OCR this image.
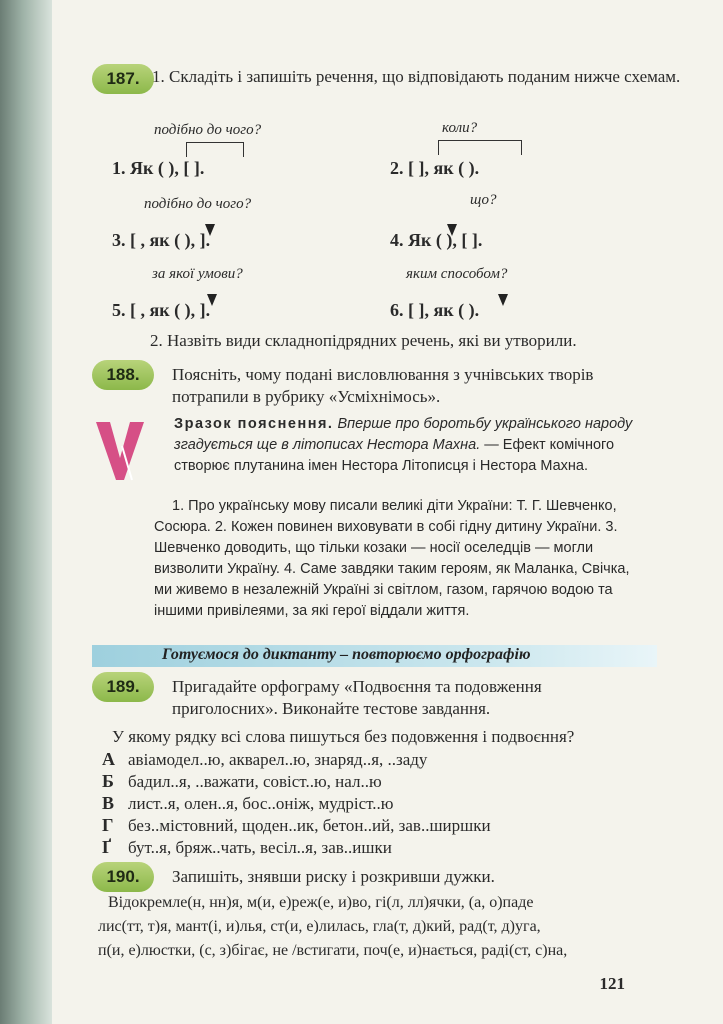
187. 1. Складіть і запишіть речення, що відповідають поданим нижче схемам.
подібно до чого?
1. Як ( ), [ ].
коли?
2. [ ], як ( ).
подібно до чого?
3. [ , як ( ), ].
що?
4. Як ( ), [ ].
за якої умови?
5. [ , як ( ), ].
яким способом?
6. [ ], як ( ).
2. Назвіть види складнопідрядних речень, які ви утворили.
188.	Поясніть, чому подані висловлювання з учнівських творів потрапили в рубрику «Усміхнімось».
Зразок пояснення. Вперше про боротьбу українського народу згадується ще в літописах Нестора Махна. — Ефект комічного створює плутанина імен Нестора Літописця і Нестора Махна.
1. Про українську мову писали великі діти України: Т. Г. Шевченко, Сосюра. 2. Кожен повинен виховувати в собі гідну дитину України. 3. Шевченко доводить, що тільки козаки — носії оселедців — могли визволити Україну. 4. Саме завдяки таким героям, як Маланка, Свічка, ми живемо в незалежній Україні зі світлом, газом, гарячою водою та іншими привілеями, за які герої віддали життя.
Готуємося до диктанту – повторюємо орфографію
189.	Пригадайте орфограму «Подвоєння та подовження приголосних». Виконайте тестове завдання.
У якому рядку всі слова пишуться без подовження і подвоєння?
А авіамодел..ю, акварел..ю, знаряд..я, ..заду
Б бадил..я, ..важати, совіст..ю, нал..ю
В лист..я, олен..я, бос..оніж, мудріст..ю
Г без..містовний, щоден..ик, бетон..ий, зав..ширшки
Ґ бут..я, бряж..чать, весіл..я, зав..ишки
190.	Запишіть, знявши риску і розкривши дужки.
Відокремле(н, нн)я, м(и, е)реж(е, и)во, гі(л, лл)ячки, (а, о)паде
лис(тт, т)я, мант(і, и)лья, ст(и, е)лилась, гла(т, д)кий, рад(т, д)уга,
п(и, е)люстки, (с, з)бігає, не /встигати, поч(е, и)нається, раді(ст, с)на,
121
